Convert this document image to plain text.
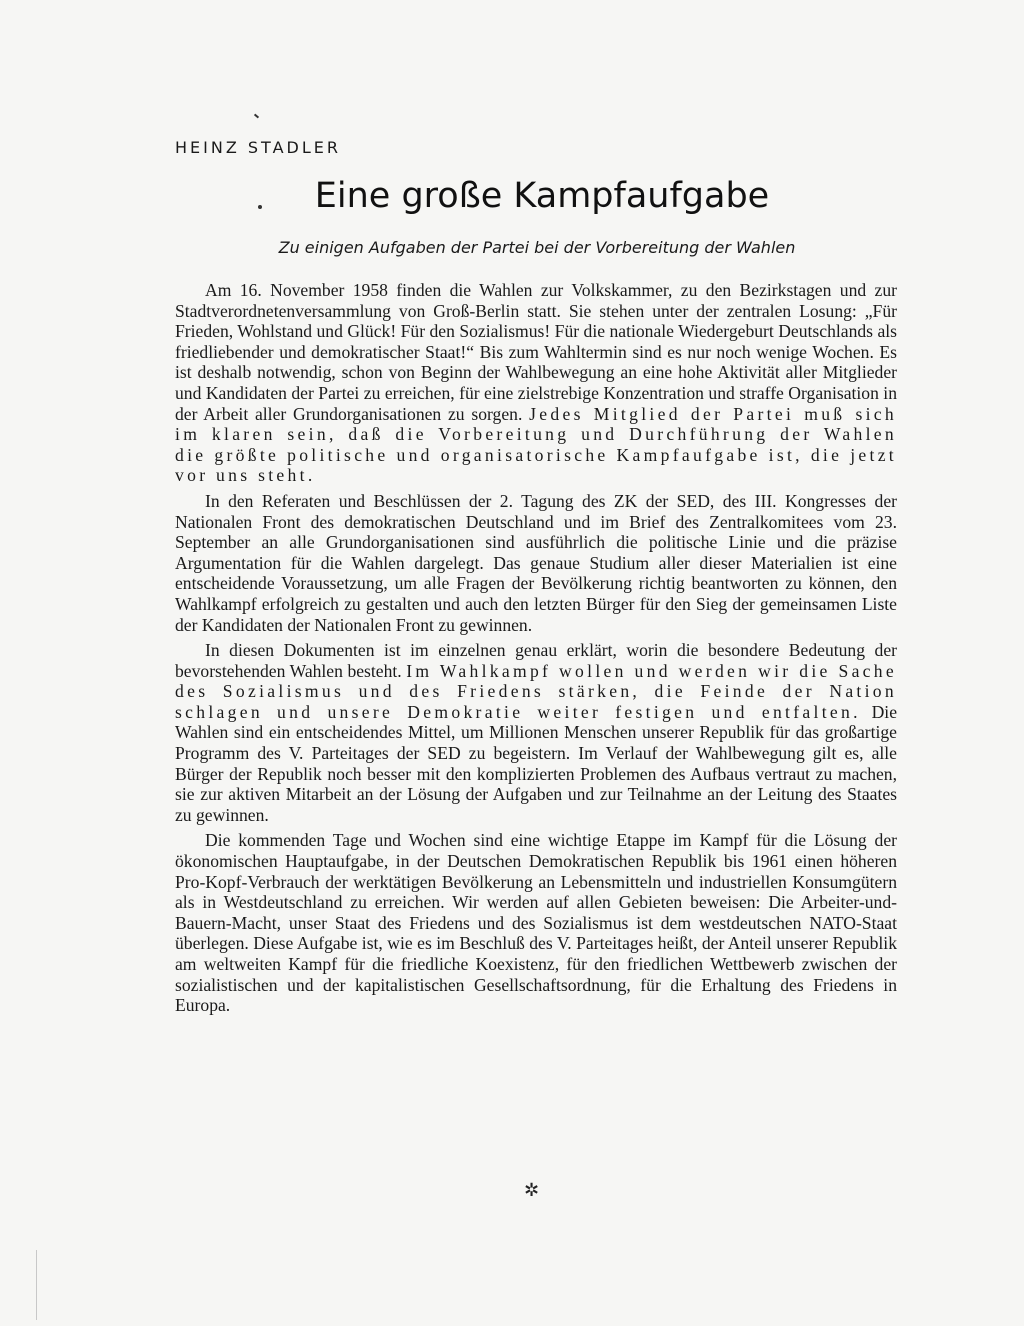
HEINZ STADLER
Eine große Kampfaufgabe
Zu einigen Aufgaben der Partei bei der Vorbereitung der Wahlen

Am 16. November 1958 finden die Wahlen zur Volkskammer, zu den Bezirkstagen und zur Stadtverordnetenversammlung von Groß-Berlin statt. Sie stehen unter der zentralen Losung: „Für Frieden, Wohlstand und Glück! Für den Sozialismus! Für die nationale Wiedergeburt Deutschlands als friedliebender und demokratischer Staat!“ Bis zum Wahltermin sind es nur noch wenige Wochen. Es ist deshalb notwendig, schon von Beginn der Wahlbewegung an eine hohe Aktivität aller Mitglieder und Kandidaten der Partei zu erreichen, für eine zielstrebige Konzentration und straffe Organisation in der Arbeit aller Grundorganisationen zu sorgen. Jedes Mitglied der Partei muß sich im klaren sein, daß die Vorbereitung und Durchführung der Wahlen die größte politische und organisatorische Kampfaufgabe ist, die jetzt vor uns steht.

In den Referaten und Beschlüssen der 2. Tagung des ZK der SED, des III. Kongresses der Nationalen Front des demokratischen Deutschland und im Brief des Zentralkomitees vom 23. September an alle Grundorganisationen sind ausführlich die politische Linie und die präzise Argumentation für die Wahlen dargelegt. Das genaue Studium aller dieser Materialien ist eine entscheidende Voraussetzung, um alle Fragen der Bevölkerung richtig beantworten zu können, den Wahlkampf erfolgreich zu gestalten und auch den letzten Bürger für den Sieg der gemeinsamen Liste der Kandidaten der Nationalen Front zu gewinnen.

In diesen Dokumenten ist im einzelnen genau erklärt, worin die besondere Bedeutung der bevorstehenden Wahlen besteht. Im Wahlkampf wollen und werden wir die Sache des Sozialismus und des Friedens stärken, die Feinde der Nation schlagen und unsere Demokratie weiter festigen und entfalten. Die Wahlen sind ein entscheidendes Mittel, um Millionen Menschen unserer Republik für das großartige Programm des V. Parteitages der SED zu begeistern. Im Verlauf der Wahlbewegung gilt es, alle Bürger der Republik noch besser mit den komplizierten Problemen des Aufbaus vertraut zu machen, sie zur aktiven Mitarbeit an der Lösung der Aufgaben und zur Teilnahme an der Leitung des Staates zu gewinnen.

Die kommenden Tage und Wochen sind eine wichtige Etappe im Kampf für die Lösung der ökonomischen Hauptaufgabe, in der Deutschen Demokratischen Republik bis 1961 einen höheren Pro-Kopf-Verbrauch der werktätigen Bevölkerung an Lebensmitteln und industriellen Konsumgütern als in Westdeutschland zu erreichen. Wir werden auf allen Gebieten beweisen: Die Arbeiter-und-Bauern-Macht, unser Staat des Friedens und des Sozialismus ist dem westdeutschen NATO-Staat überlegen. Diese Aufgabe ist, wie es im Beschluß des V. Parteitages heißt, der Anteil unserer Republik am weltweiten Kampf für die friedliche Koexistenz, für den friedlichen Wettbewerb zwischen der sozialistischen und der kapitalistischen Gesellschaftsordnung, für die Erhaltung des Friedens in Europa.

✲
